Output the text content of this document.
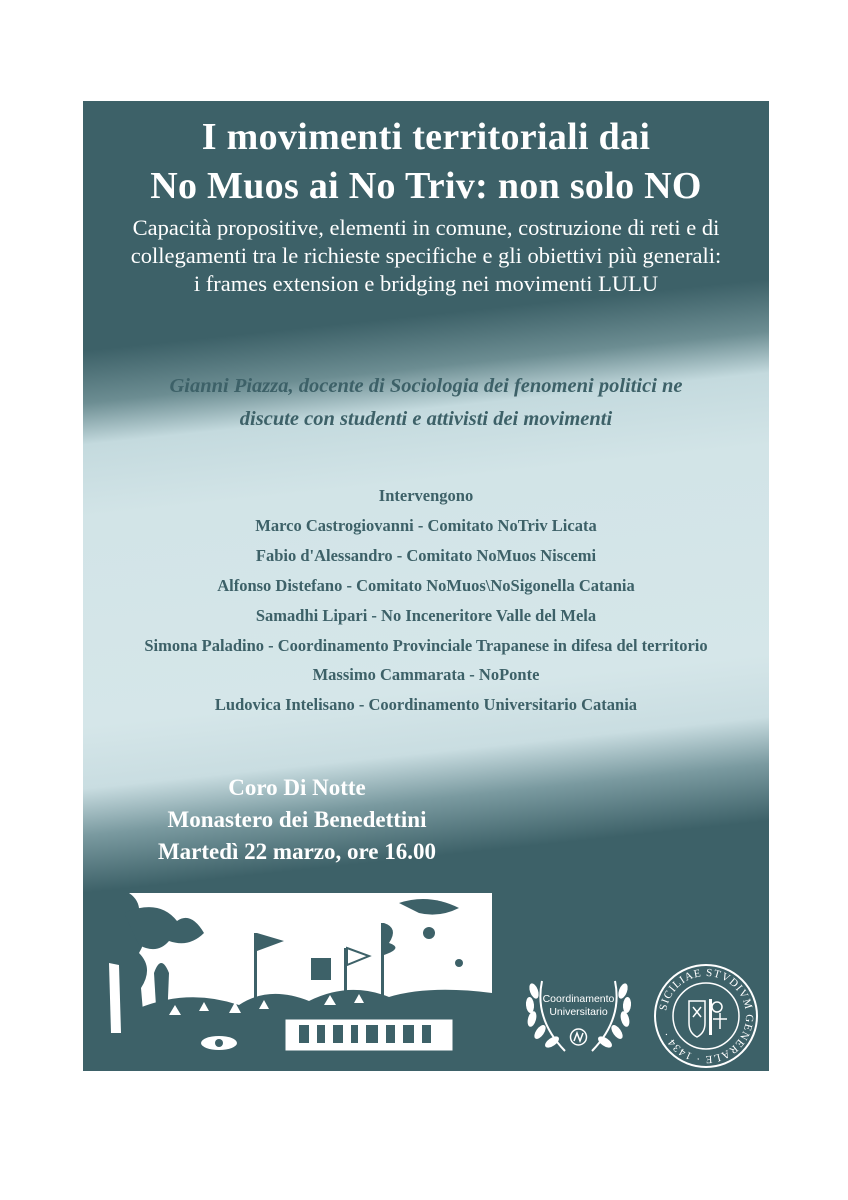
I movimenti territoriali dai
No Muos ai No Triv: non solo NO
Capacità propositive, elementi in comune, costruzione di reti e di
collegamenti tra le richieste specifiche e gli obiettivi più generali:
i frames extension e bridging nei movimenti LULU
Gianni Piazza, docente di Sociologia dei fenomeni politici ne
discute con studenti e attivisti dei movimenti
Intervengono
Marco Castrogiovanni - Comitato NoTriv Licata
Fabio d'Alessandro - Comitato NoMuos Niscemi
Alfonso Distefano - Comitato NoMuos\NoSigonella Catania
Samadhi Lipari - No Inceneritore Valle del Mela
Simona Paladino - Coordinamento Provinciale Trapanese in difesa del territorio
Massimo Cammarata - NoPonte
Ludovica Intelisano - Coordinamento Universitario Catania
Coro Di Notte
Monastero dei Benedettini
Martedì 22 marzo, ore 16.00
Coordinamento
Universitario	SICILIAE STVDIVM GENERALE · 1434 ·
